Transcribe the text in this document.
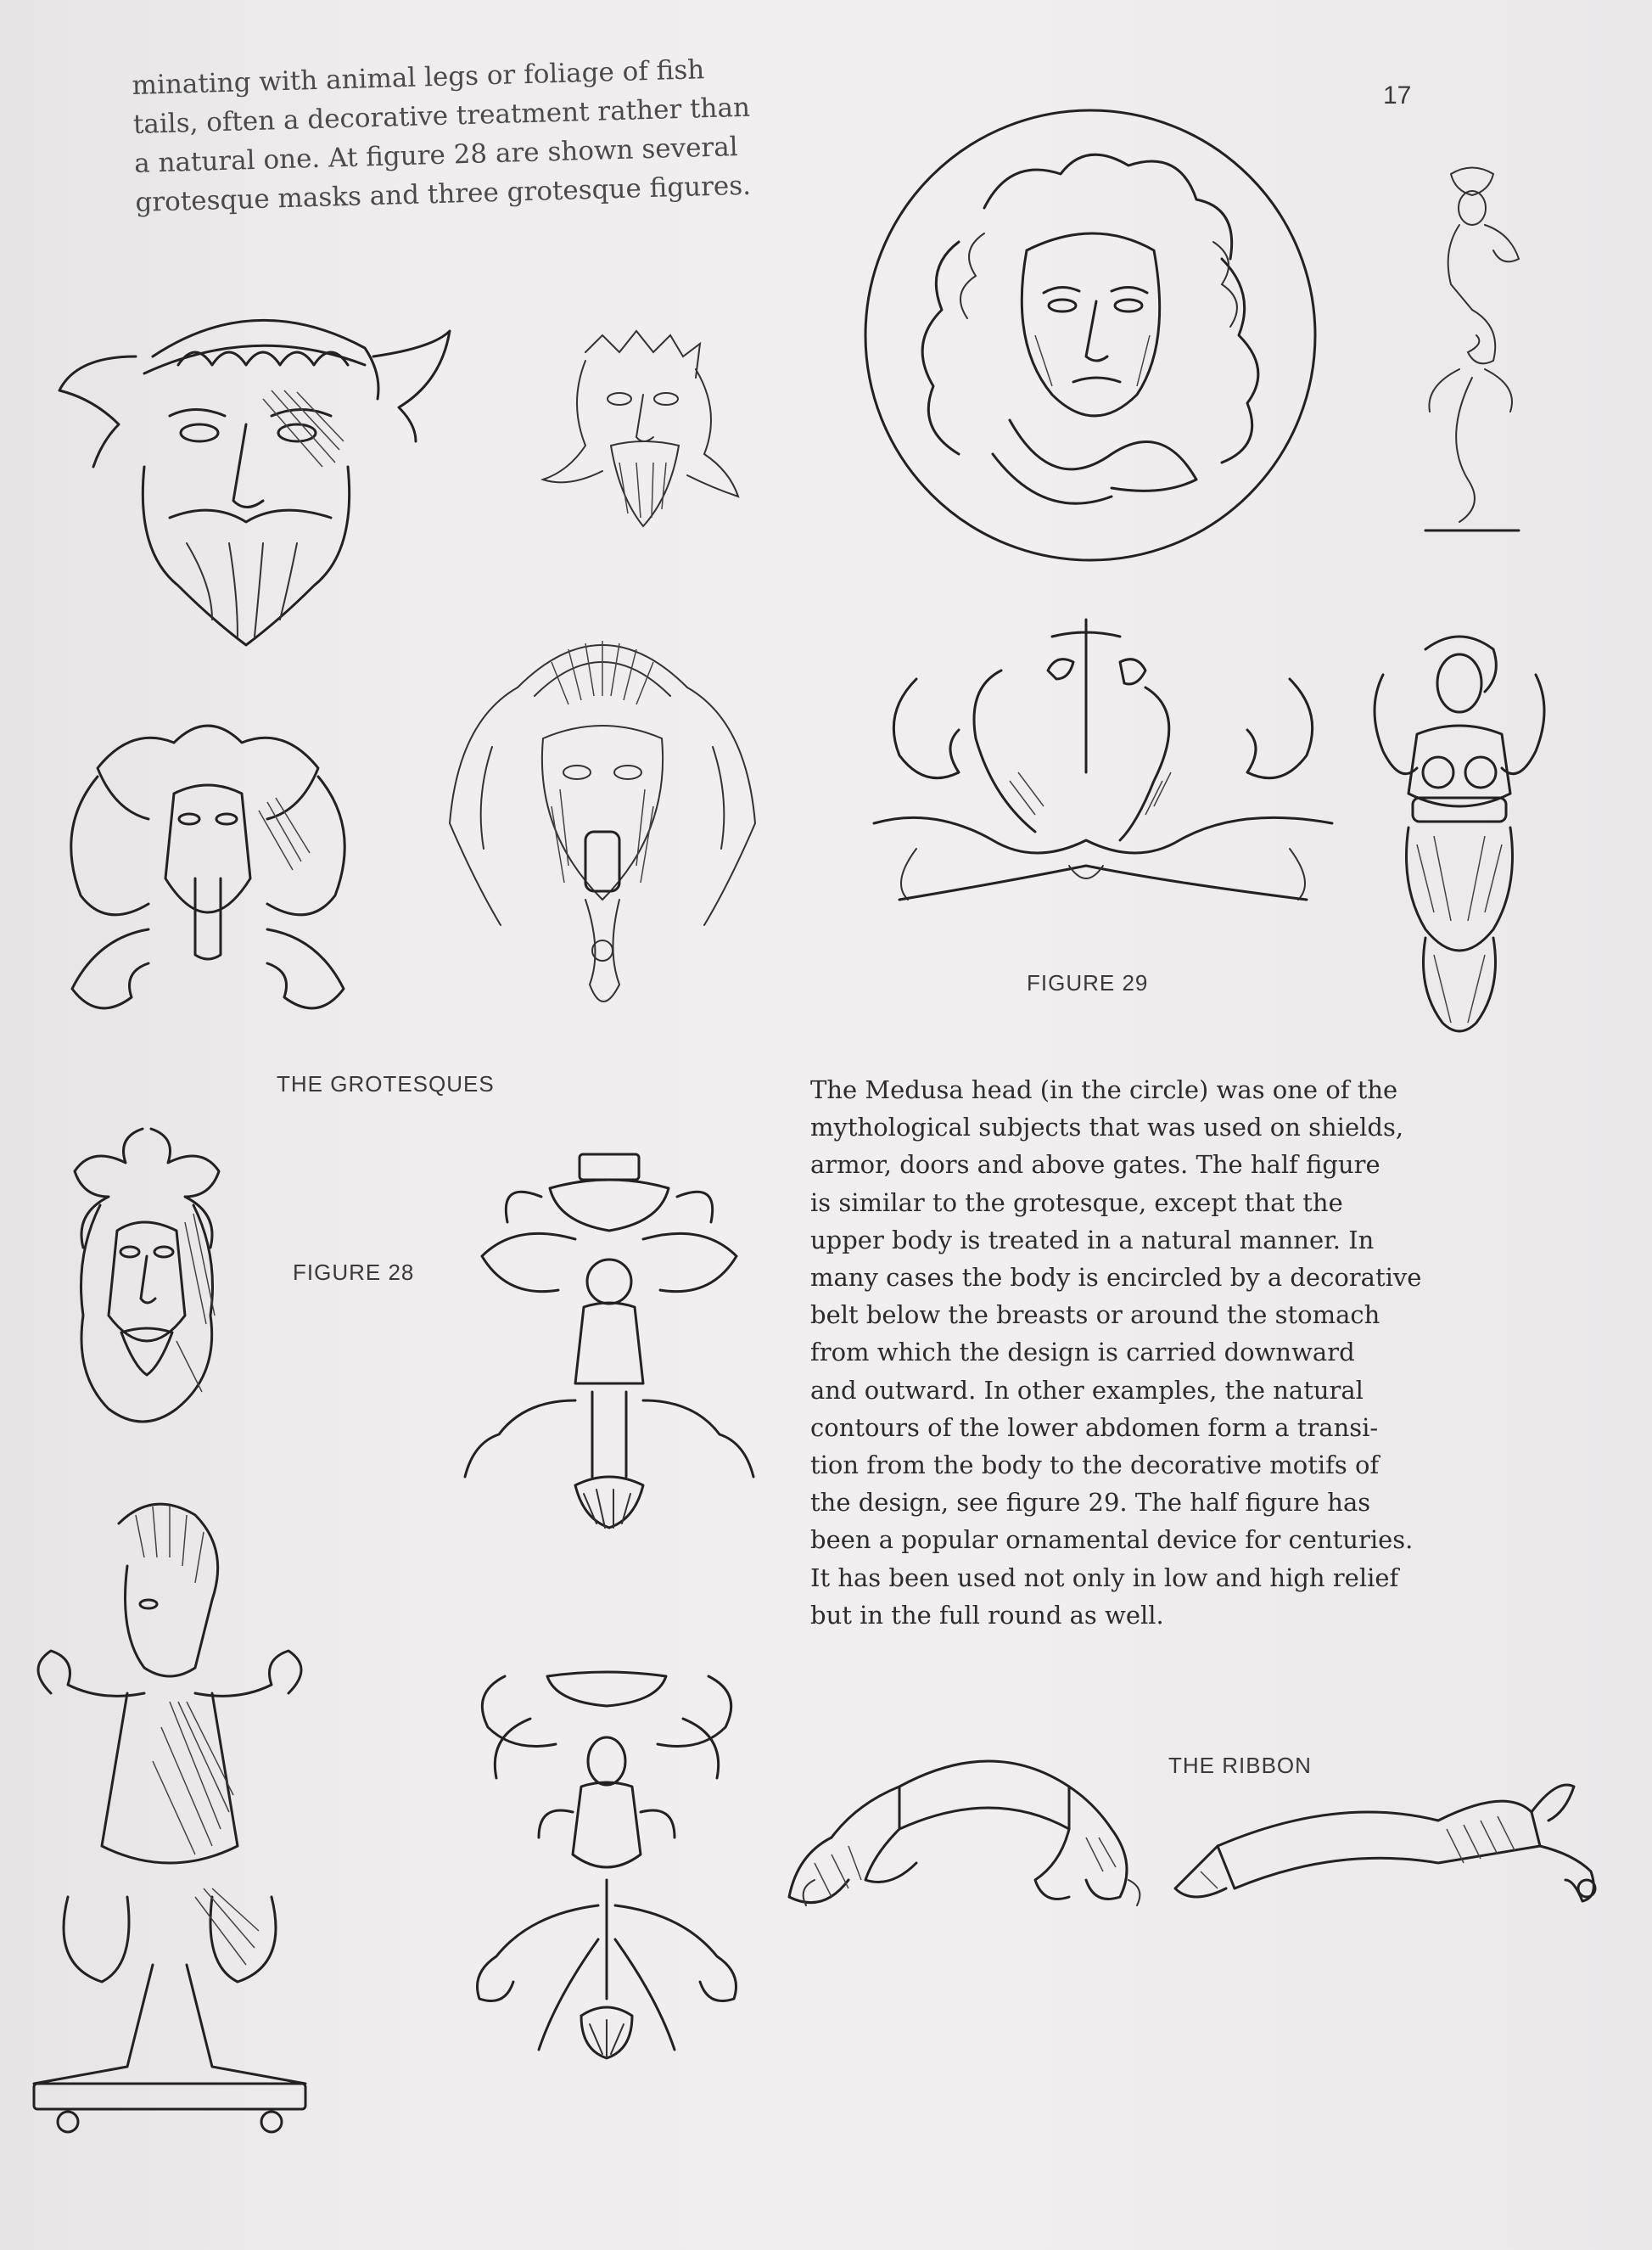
17
minating with animal legs or foliage of fish
tails, often a decorative treatment rather than
a natural one. At figure 28 are shown several
grotesque masks and three grotesque figures.
THE GROTESQUES
FIGURE 28
FIGURE 29
The Medusa head (in the circle) was one of the
mythological subjects that was used on shields,
armor, doors and above gates. The half figure
is similar to the grotesque, except that the
upper body is treated in a natural manner. In
many cases the body is encircled by a decorative
belt below the breasts or around the stomach
from which the design is carried downward
and outward. In other examples, the natural
contours of the lower abdomen form a transi-
tion from the body to the decorative motifs of
the design, see figure 29. The half figure has
been a popular ornamental device for centuries.
It has been used not only in low and high relief
but in the full round as well.
THE RIBBON
